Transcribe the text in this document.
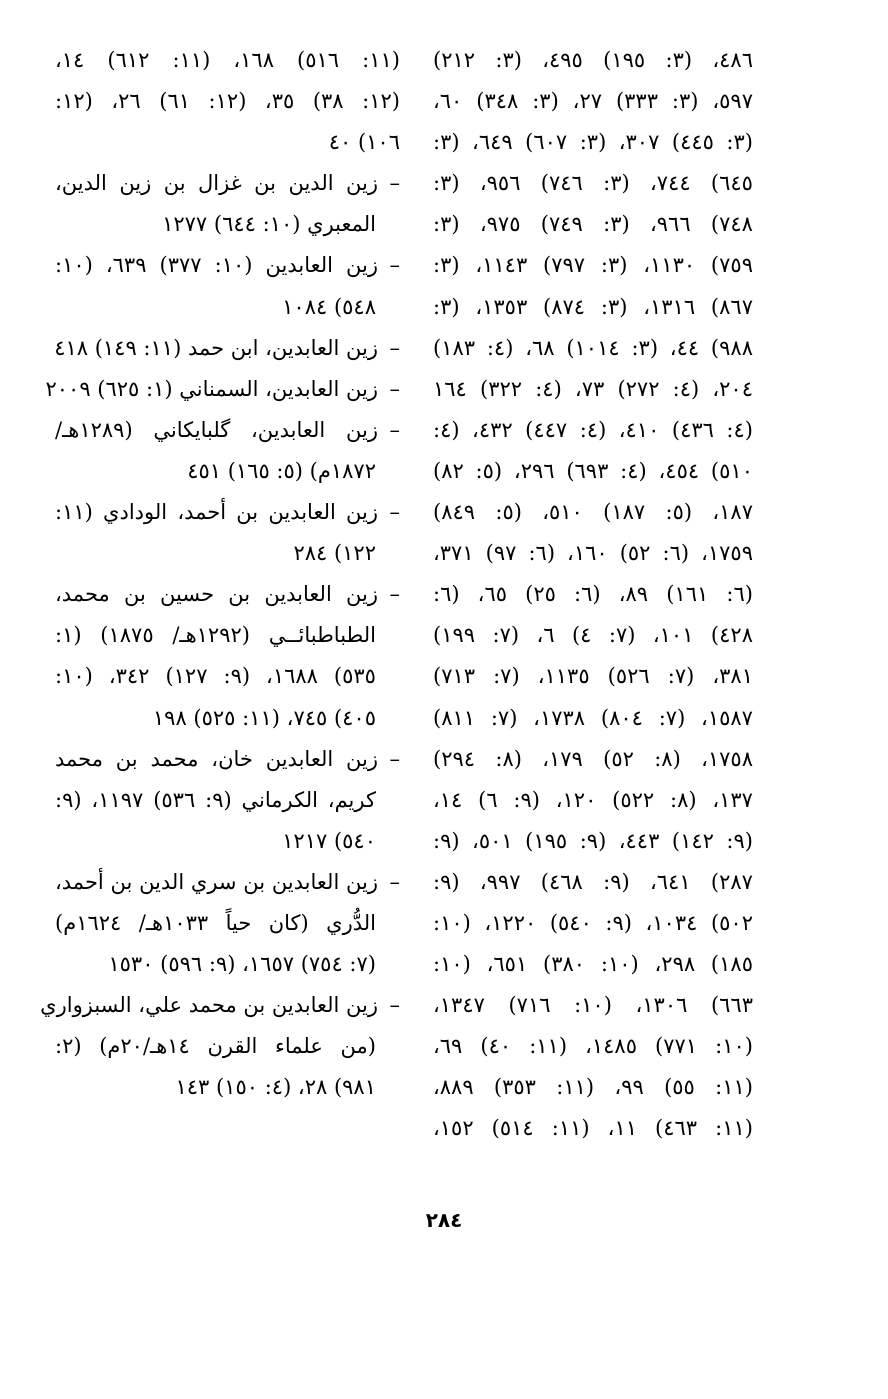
٤٨٦، (٣: ١٩٥) ٤٩٥، (٣: ٢١٢)
٥٩٧، (٣: ٣٣٣) ٢٧، (٣: ٣٤٨) ٦٠،
(٣: ٤٤٥) ٣٠٧، (٣: ٦٠٧) ٦٤٩، (٣:
٦٤٥) ٧٤٤، (٣: ٧٤٦) ٩٥٦، (٣:
٧٤٨) ٩٦٦، (٣: ٧٤٩) ٩٧٥، (٣:
٧٥٩) ١١٣٠، (٣: ٧٩٧) ١١٤٣، (٣:
٨٦٧) ١٣١٦، (٣: ٨٧٤) ١٣٥٣، (٣:
٩٨٨) ٤٤، (٣: ١٠١٤) ٦٨، (٤: ١٨٣)
٢٠٤، (٤: ٢٧٢) ٧٣، (٤: ٣٢٢) ١٦٤
(٤: ٤٣٦) ٤١٠، (٤: ٤٤٧) ٤٣٢، (٤:
٥١٠) ٤٥٤، (٤: ٦٩٣) ٢٩٦، (٥: ٨٢)
١٨٧، (٥: ١٨٧) ٥١٠، (٥: ٨٤٩)
١٧٥٩، (٦: ٥٢) ١٦٠، (٦: ٩٧) ٣٧١،
(٦: ١٦١) ٨٩، (٦: ٢٥) ٦٥، (٦:
٤٢٨) ١٠١، (٧: ٤) ٦، (٧: ١٩٩)
٣٨١، (٧: ٥٢٦) ١١٣٥، (٧: ٧١٣)
١٥٨٧، (٧: ٨٠٤) ١٧٣٨، (٧: ٨١١)
١٧٥٨، (٨: ٥٢) ١٧٩، (٨: ٢٩٤)
١٣٧، (٨: ٥٢٢) ١٢٠، (٩: ٦) ١٤،
(٩: ١٤٢) ٤٤٣، (٩: ١٩٥) ٥٠١، (٩:
٢٨٧) ٦٤١، (٩: ٤٦٨) ٩٩٧، (٩:
٥٠٢) ١٠٣٤، (٩: ٥٤٠) ١٢٢٠، (١٠:
١٨٥) ٢٩٨، (١٠: ٣٨٠) ٦٥١، (١٠:
٦٦٣) ١٣٠٦، (١٠: ٧١٦) ١٣٤٧،
(١٠: ٧٧١) ١٤٨٥، (١١: ٤٠) ٦٩،
(١١: ٥٥) ٩٩، (١١: ٣٥٣) ٨٨٩،
(١١: ٤٦٣) ١١، (١١: ٥١٤) ١٥٢،
(١١: ٥١٦) ١٦٨، (١١: ٦١٢) ١٤،
(١٢: ٣٨) ٣٥، (١٢: ٦١) ٢٦، (١٢:
١٠٦) ٤٠
–زين الدين بن غزال بن زين الدين،
المعبري (١٠: ٦٤٤) ١٢٧٧
–زين العابدين (١٠: ٣٧٧) ٦٣٩، (١٠:
٥٤٨) ١٠٨٤
–زين العابدين، ابن حمد (١١: ١٤٩) ٤١٨
–زين العابدين، السمناني (١: ٦٢٥) ٢٠٠٩
–زين العابدين، گلبايكاني (١٢٨٩هـ/
١٨٧٢م) (٥: ١٦٥) ٤٥١
–زين العابدين بن أحمد، الودادي (١١:
١٢٢) ٢٨٤
–زين العابدين بن حسين بن محمد،
الطباطبائــي (١٢٩٢هـ/ ١٨٧٥) (١:
٥٣٥) ١٦٨٨، (٩: ١٢٧) ٣٤٢، (١٠:
٤٠٥) ٧٤٥، (١١: ٥٢٥) ١٩٨
–زين العابدين خان، محمد بن محمد
كريم، الكرماني (٩: ٥٣٦) ١١٩٧، (٩:
٥٤٠) ١٢١٧
–زين العابدين بن سري الدين بن أحمد،
الدُّري (كان حياً ١٠٣٣هـ/ ١٦٢٤م)
(٧: ٧٥٤) ١٦٥٧، (٩: ٥٩٦) ١٥٣٠
–زين العابدين بن محمد علي، السبزواري
(من علماء القرن ١٤هـ/٢٠م) (٢:
٩٨١) ٢٨، (٤: ١٥٠) ١٤٣
٢٨٤
